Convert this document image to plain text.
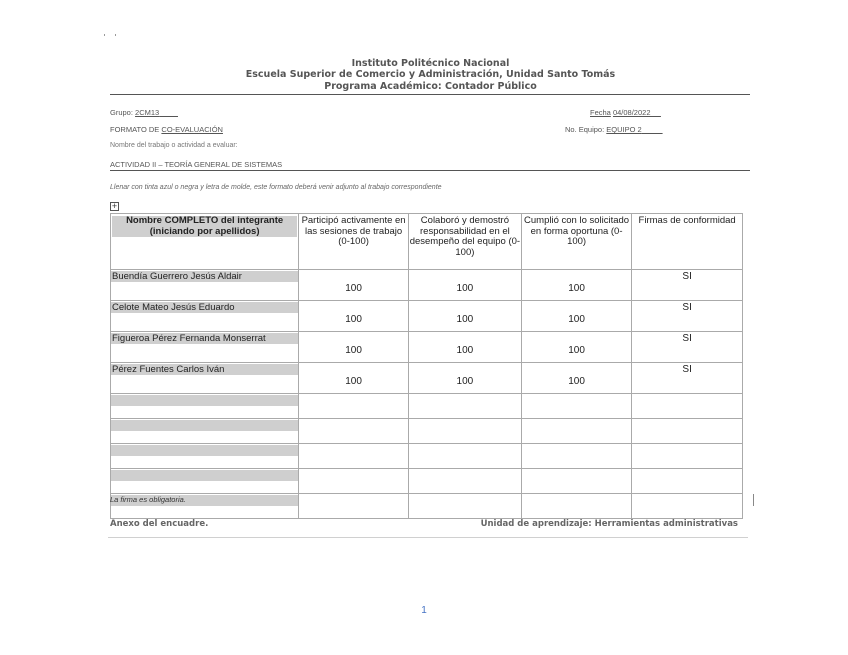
Instituto Politécnico Nacional
Escuela Superior de Comercio y Administración, Unidad Santo Tomás
Programa Académico: Contador Público
Grupo: 2CM13	Fecha 04/08/2022
FORMATO DE CO-EVALUACIÓN	No. Equipo: EQUIPO 2
Nombre del trabajo o actividad a evaluar:
ACTIVIDAD II – TEORÍA GENERAL DE SISTEMAS
Llenar con tinta azul o negra y letra de molde, este formato deberá venir adjunto al trabajo correspondiente
+
Nombre COMPLETO del integrante (iniciando por apellidos)	Participó activamente en las sesiones de trabajo (0-100)	Colaboró y demostró responsabilidad en el desempeño del equipo (0-100)	Cumplió con lo solicitado en forma oportuna (0-100)	Firmas de conformidad

Buendía Guerrero Jesús Aldair	100	100	100	SI

Celote Mateo Jesús Eduardo	100	100	100	SI

Figueroa Pérez Fernanda Monserrat	100	100	100	SI

Pérez Fuentes Carlos Iván	100	100	100	SI

La firma es obligatoria.
Anexo del encuadre.	Unidad de aprendizaje: Herramientas administrativas
1
